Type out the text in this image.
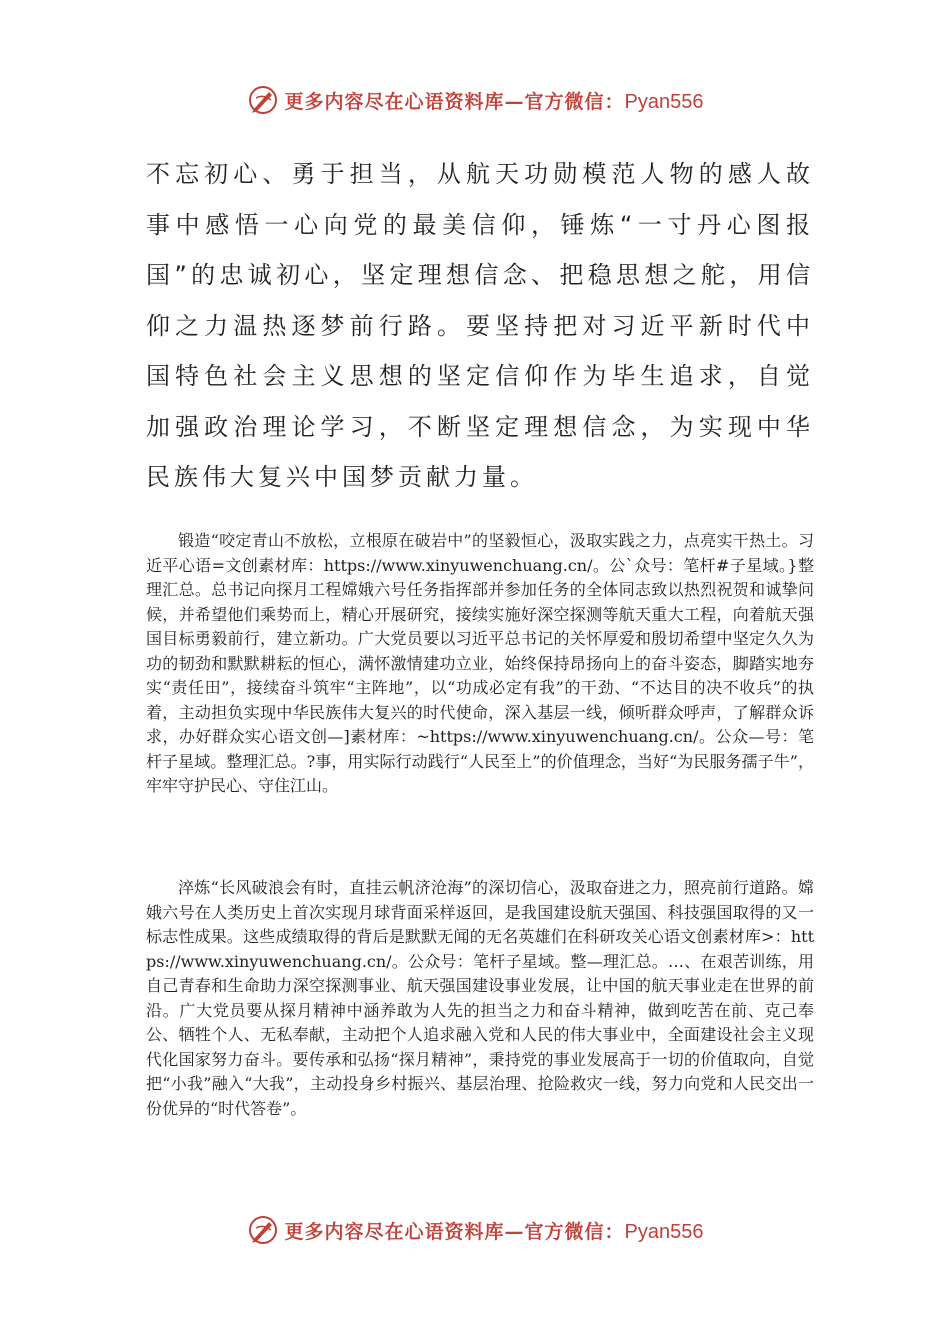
更多内容尽在心语资料库—官方微信：Pyan556

不忘初心、勇于担当，从航天功勋模范人物的感人故事中感悟一心向党的最美信仰，锤炼“一寸丹心图报国”的忠诚初心，坚定理想信念、把稳思想之舵，用信仰之力温热逐梦前行路。要坚持把对习近平新时代中国特色社会主义思想的坚定信仰作为毕生追求，自觉加强政治理论学习，不断坚定理想信念，为实现中华民族伟大复兴中国梦贡献力量。

锻造“咬定青山不放松，立根原在破岩中”的坚毅恒心，汲取实践之力，点亮实干热土。习近平心语=文创素材库：https://www.xinyuwenchuang.cn/。公`众号：笔杆#子星域。}整理汇总。总书记向探月工程嫦娥六号任务指挥部并参加任务的全体同志致以热烈祝贺和诚挚问候，并希望他们乘势而上，精心开展研究，接续实施好深空探测等航天重大工程，向着航天强国目标勇毅前行，建立新功。广大党员要以习近平总书记的关怀厚爱和殷切希望中坚定久久为功的韧劲和默默耕耘的恒心，满怀激情建功立业，始终保持昂扬向上的奋斗姿态，脚踏实地夯实“责任田”，接续奋斗筑牢“主阵地”，以“功成必定有我”的干劲、“不达目的决不收兵”的执着，主动担负实现中华民族伟大复兴的时代使命，深入基层一线，倾听群众呼声，了解群众诉求，办好群众实心语文创—]素材库：~https://www.xinyuwenchuang.cn/。公众—号：笔杆子星域。整理汇总。?事，用实际行动践行“人民至上”的价值理念，当好“为民服务孺子牛”，牢牢守护民心、守住江山。

淬炼“长风破浪会有时，直挂云帆济沧海”的深切信心，汲取奋进之力，照亮前行道路。嫦娥六号在人类历史上首次实现月球背面采样返回，是我国建设航天强国、科技强国取得的又一标志性成果。这些成绩取得的背后是默默无闻的无名英雄们在科研攻关心语文创素材库>：https://www.xinyuwenchuang.cn/。公众号：笔杆子星域。整—理汇总。…、在艰苦训练，用自己青春和生命助力深空探测事业、航天强国建设事业发展，让中国的航天事业走在世界的前沿。广大党员要从探月精神中涵养敢为人先的担当之力和奋斗精神，做到吃苦在前、克己奉公、牺牲个人、无私奉献，主动把个人追求融入党和人民的伟大事业中，全面建设社会主义现代化国家努力奋斗。要传承和弘扬“探月精神”，秉持党的事业发展高于一切的价值取向，自觉把“小我”融入“大我”，主动投身乡村振兴、基层治理、抢险救灾一线，努力向党和人民交出一份优异的“时代答卷”。

更多内容尽在心语资料库—官方微信：Pyan556
